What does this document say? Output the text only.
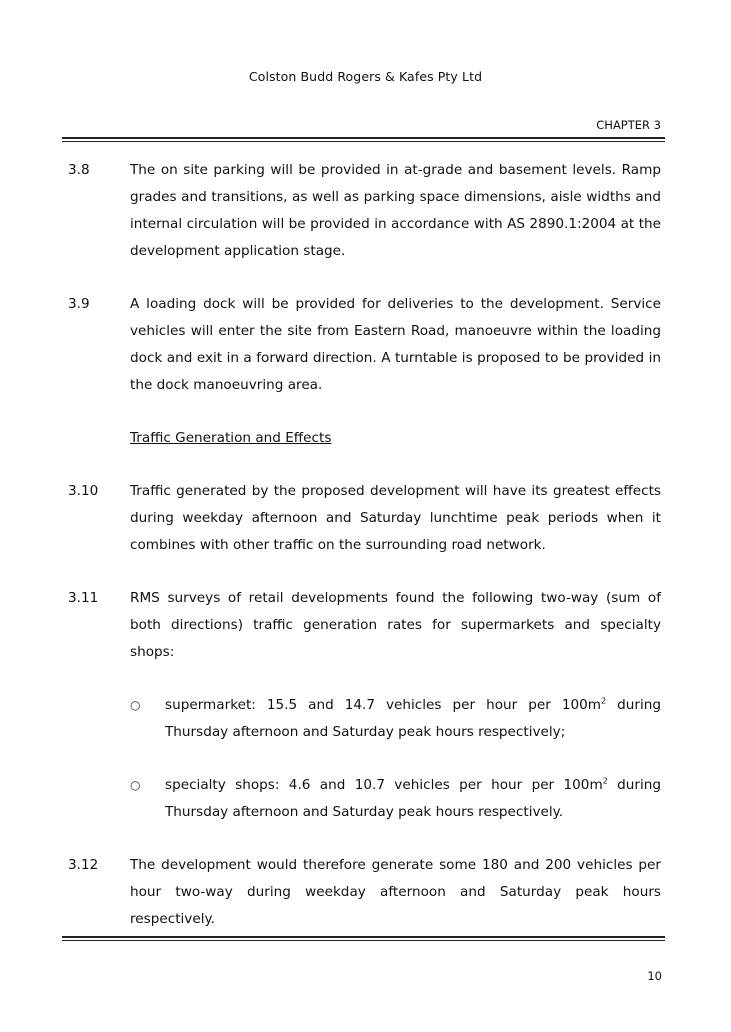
Colston Budd Rogers & Kafes Pty Ltd
CHAPTER 3
3.8	The on site parking will be provided in at-grade and basement levels. Ramp grades and transitions, as well as parking space dimensions, aisle widths and internal circulation will be provided in accordance with AS 2890.1:2004 at the development application stage.
3.9	A loading dock will be provided for deliveries to the development. Service vehicles will enter the site from Eastern Road, manoeuvre within the loading dock and exit in a forward direction. A turntable is proposed to be provided in the dock manoeuvring area.
Traffic Generation and Effects
3.10	Traffic generated by the proposed development will have its greatest effects during weekday afternoon and Saturday lunchtime peak periods when it combines with other traffic on the surrounding road network.
3.11	RMS surveys of retail developments found the following two-way (sum of both directions) traffic generation rates for supermarkets and specialty shops:
○	supermarket: 15.5 and 14.7 vehicles per hour per $100m^2$ during Thursday afternoon and Saturday peak hours respectively;
○	specialty shops: 4.6 and 10.7 vehicles per hour per $100m^2$ during Thursday afternoon and Saturday peak hours respectively.
3.12	The development would therefore generate some 180 and 200 vehicles per hour two-way during weekday afternoon and Saturday peak hours respectively.
10
